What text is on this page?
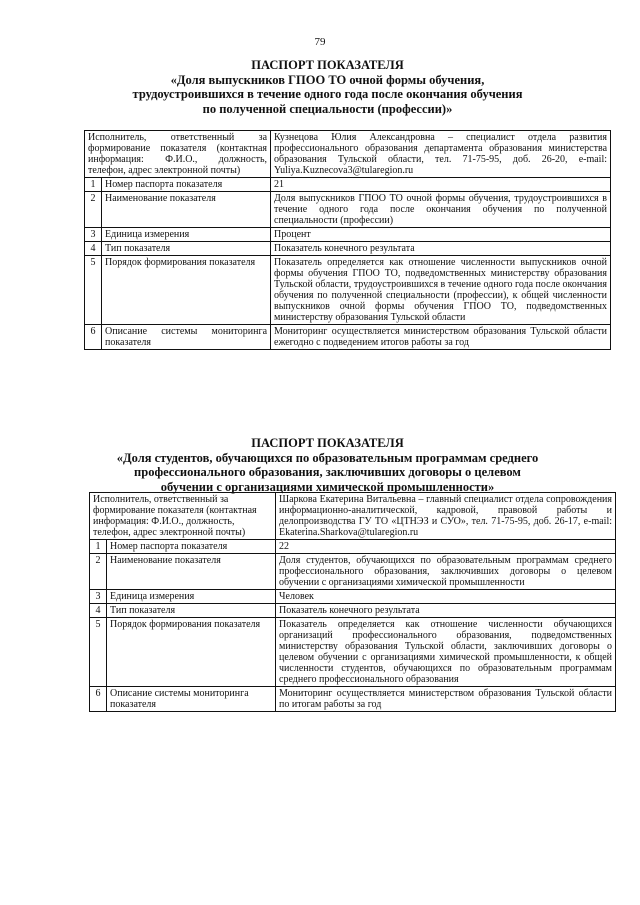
79
ПАСПОРТ ПОКАЗАТЕЛЯ
«Доля выпускников ГПОО ТО очной формы обучения,
трудоустроившихся в течение одного года после окончания обучения
по полученной специальности (профессии)»
Исполнитель, ответственный за формирование показателя (контактная информация: Ф.И.О., должность, телефон, адрес электронной почты)		Кузнецова Юлия Александровна – специалист отдела развития профессионального образования департамента образования министерства образования Тульской области, тел. 71-75-95, доб. 26-20, e-mail: Yuliya.Kuznecova3@tularegion.ru
1	Номер паспорта показателя	21
2	Наименование показателя	Доля выпускников ГПОО ТО очной формы обучения, трудоустроившихся в течение одного года после окончания обучения по полученной специальности (профессии)
3	Единица измерения	Процент
4	Тип показателя	Показатель конечного результата
5	Порядок формирования показателя	Показатель определяется как отношение численности выпускников очной формы обучения ГПОО ТО, подведомственных министерству образования Тульской области, трудоустроившихся в течение одного года после окончания обучения по полученной специальности (профессии), к общей численности выпускников очной формы обучения ГПОО ТО, подведомственных министерству образования Тульской области
6	Описание системы мониторинга показателя	Мониторинг осуществляется министерством образования Тульской области ежегодно с подведением итогов работы за год
ПАСПОРТ ПОКАЗАТЕЛЯ
«Доля студентов, обучающихся по образовательным программам среднего
профессионального образования, заключивших договоры о целевом
обучении с организациями химической промышленности»
Исполнитель, ответственный за формирование показателя (контактная информация: Ф.И.О., должность, телефон, адрес электронной почты)		Шаркова Екатерина Витальевна – главный специалист отдела сопровождения информационно-аналитической, кадровой, правовой работы и делопроизводства ГУ ТО «ЦТНЭЗ и СУО», тел. 71-75-95, доб. 26-17, e-mail: Ekaterina.Sharkova@tularegion.ru
1	Номер паспорта показателя	22
2	Наименование показателя	Доля студентов, обучающихся по образовательным программам среднего профессионального образования, заключивших договоры о целевом обучении с организациями химической промышленности
3	Единица измерения	Человек
4	Тип показателя	Показатель конечного результата
5	Порядок формирования показателя	Показатель определяется как отношение численности обучающихся организаций профессионального образования, подведомственных министерству образования Тульской области, заключивших договоры о целевом обучении с организациями химической промышленности, к общей численности студентов, обучающихся по образовательным программам среднего профессионального образования
6	Описание системы мониторинга показателя	Мониторинг осуществляется министерством образования Тульской области по итогам работы за год
